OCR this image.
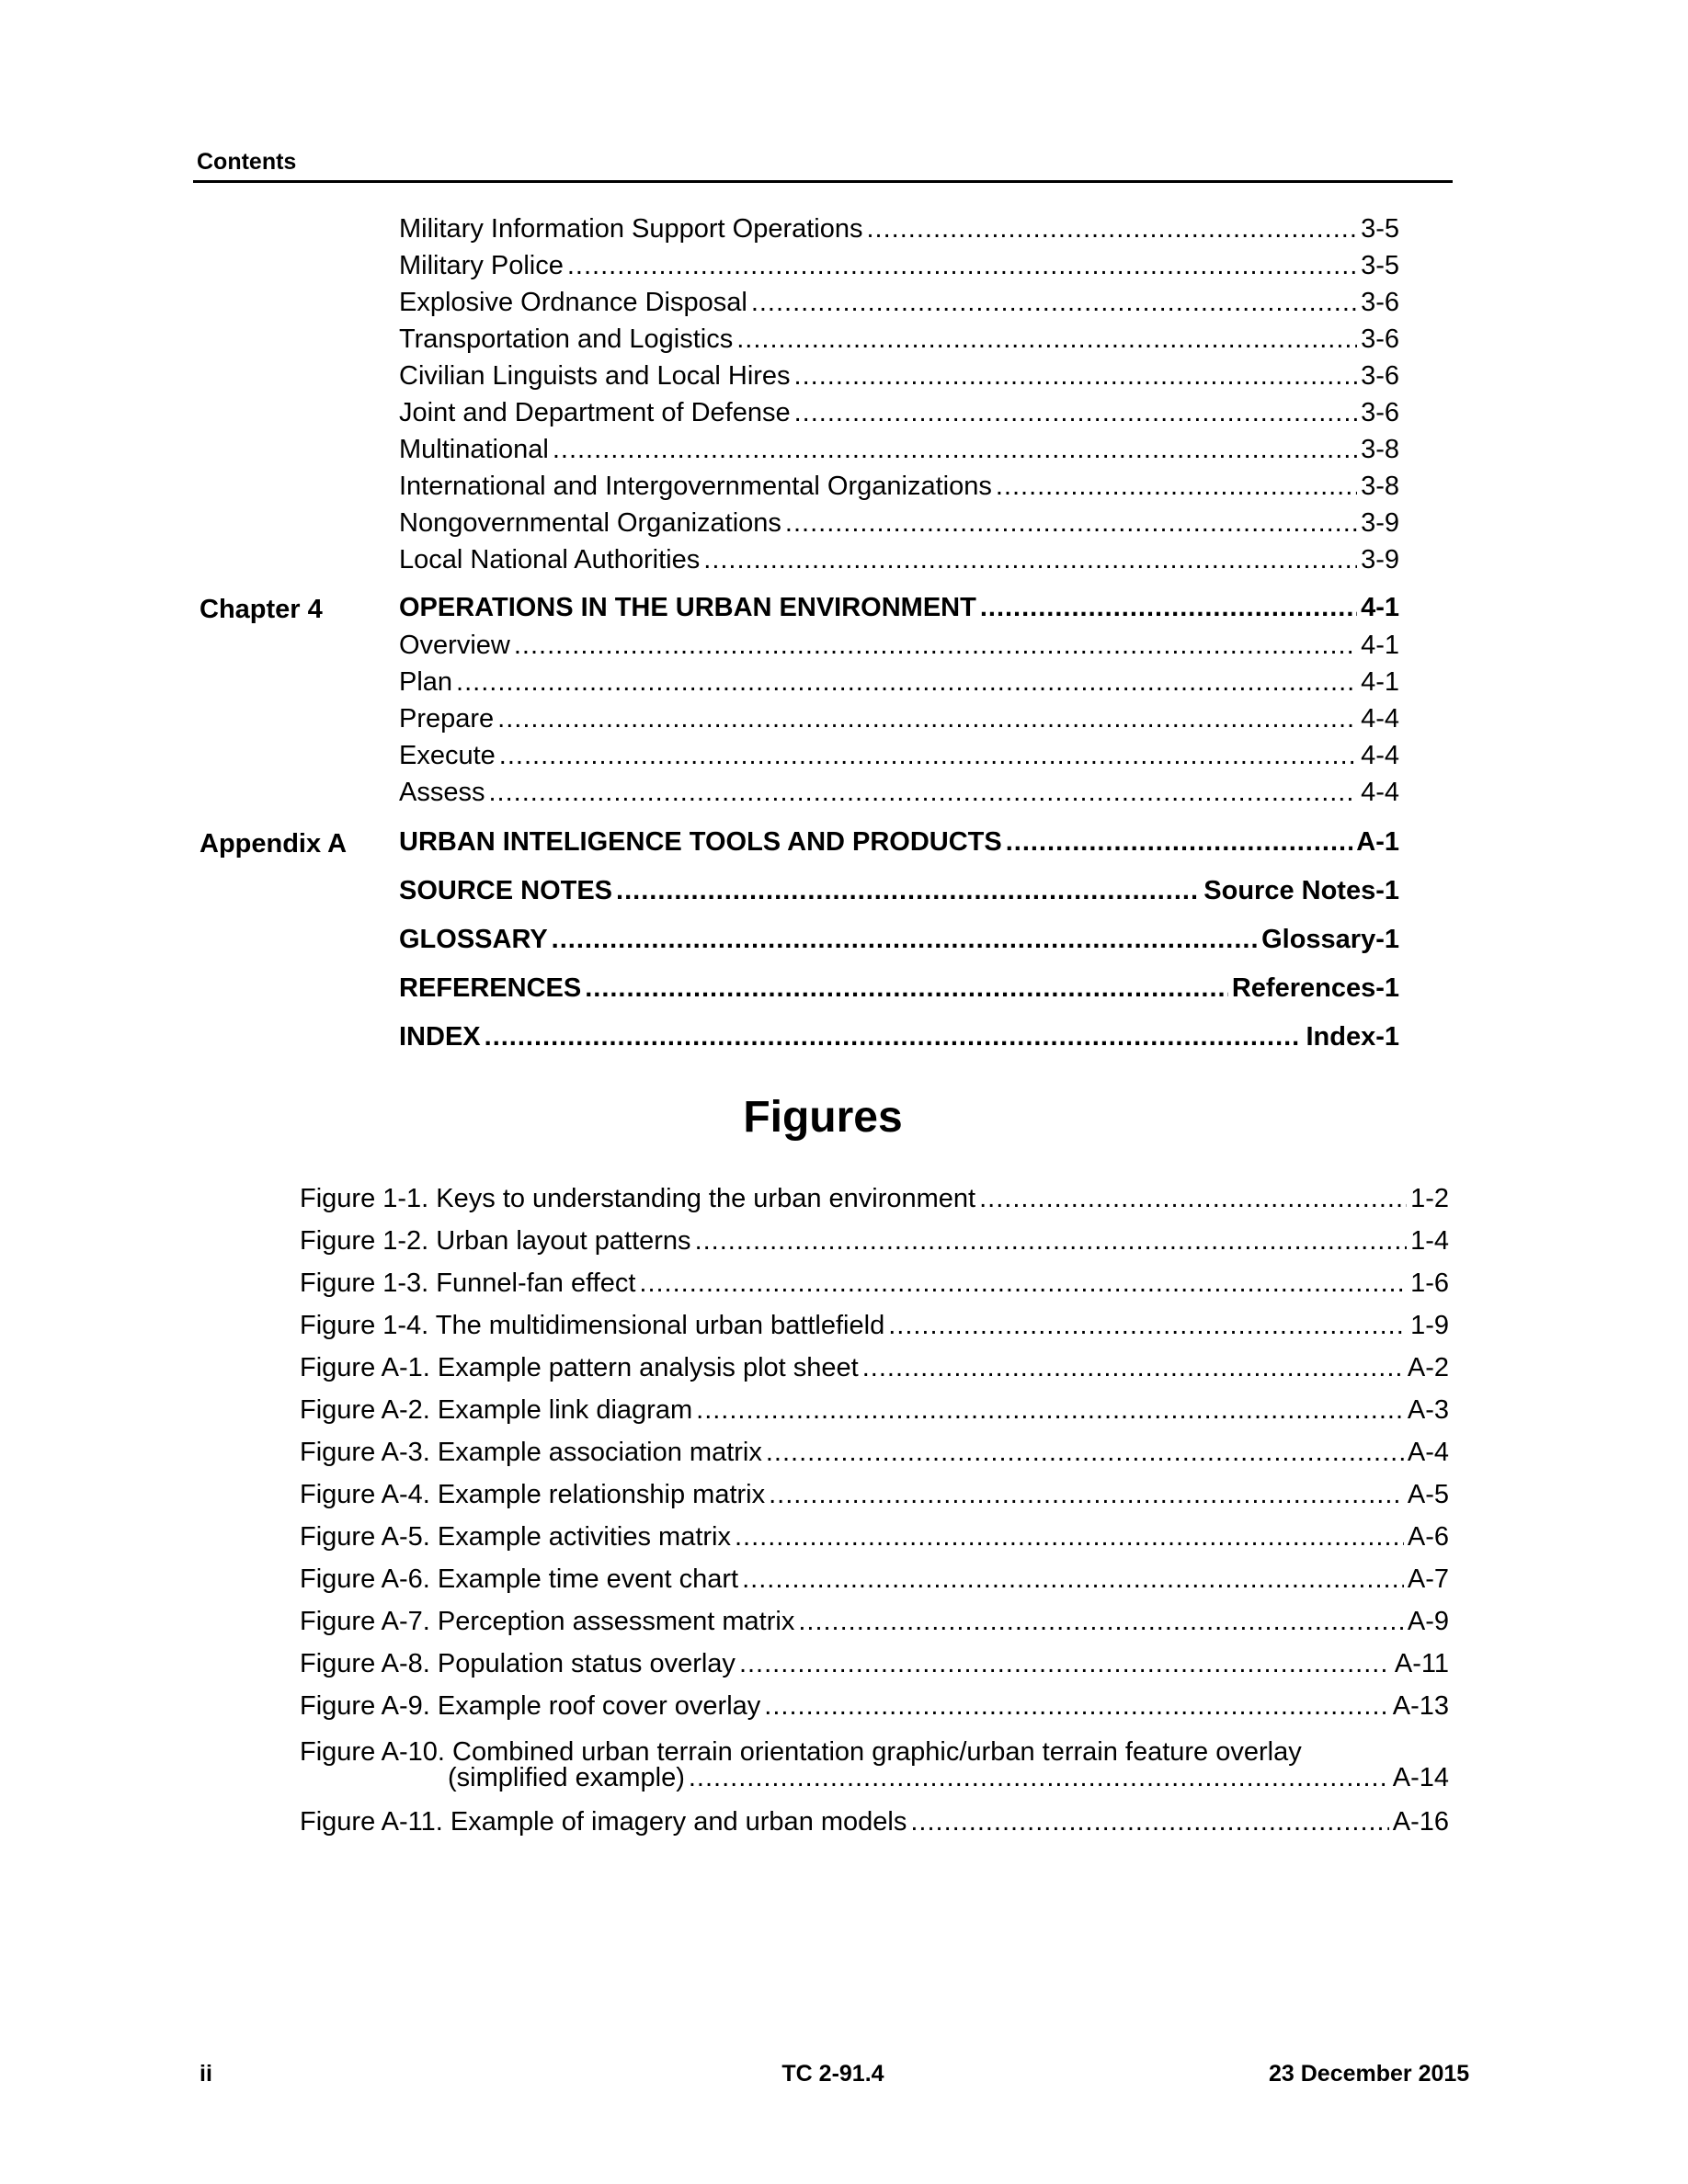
Contents
Military Information Support Operations .....	3-5
Military Police .....	3-5
Explosive Ordnance Disposal .....	3-6
Transportation and Logistics .....	3-6
Civilian Linguists and Local Hires .....	3-6
Joint and Department of Defense .....	3-6
Multinational .....	3-8
International and Intergovernmental Organizations .....	3-8
Nongovernmental Organizations .....	3-9
Local National Authorities .....	3-9
Chapter 4	OPERATIONS IN THE URBAN ENVIRONMENT .....	4-1
Overview .....	4-1
Plan .....	4-1
Prepare .....	4-4
Execute .....	4-4
Assess .....	4-4
Appendix A URBAN INTELIGENCE TOOLS AND PRODUCTS .....	A-1
SOURCE NOTES .....	Source Notes-1
GLOSSARY .....	Glossary-1
REFERENCES .....	References-1
INDEX .....	Index-1
Figures
Figure 1-1. Keys to understanding the urban environment .....	1-2
Figure 1-2. Urban layout patterns .....	1-4
Figure 1-3. Funnel-fan effect .....	1-6
Figure 1-4. The multidimensional urban battlefield .....	1-9
Figure A-1. Example pattern analysis plot sheet .....	A-2
Figure A-2. Example link diagram .....	A-3
Figure A-3. Example association matrix .....	A-4
Figure A-4. Example relationship matrix .....	A-5
Figure A-5. Example activities matrix .....	A-6
Figure A-6. Example time event chart .....	A-7
Figure A-7. Perception assessment matrix .....	A-9
Figure A-8. Population status overlay .....	A-11
Figure A-9. Example roof cover overlay .....	A-13
Figure A-10. Combined urban terrain orientation graphic/urban terrain feature overlay
(simplified example) .....	A-14
Figure A-11. Example of imagery and urban models .....	A-16
ii	TC 2-91.4	23 December 2015
